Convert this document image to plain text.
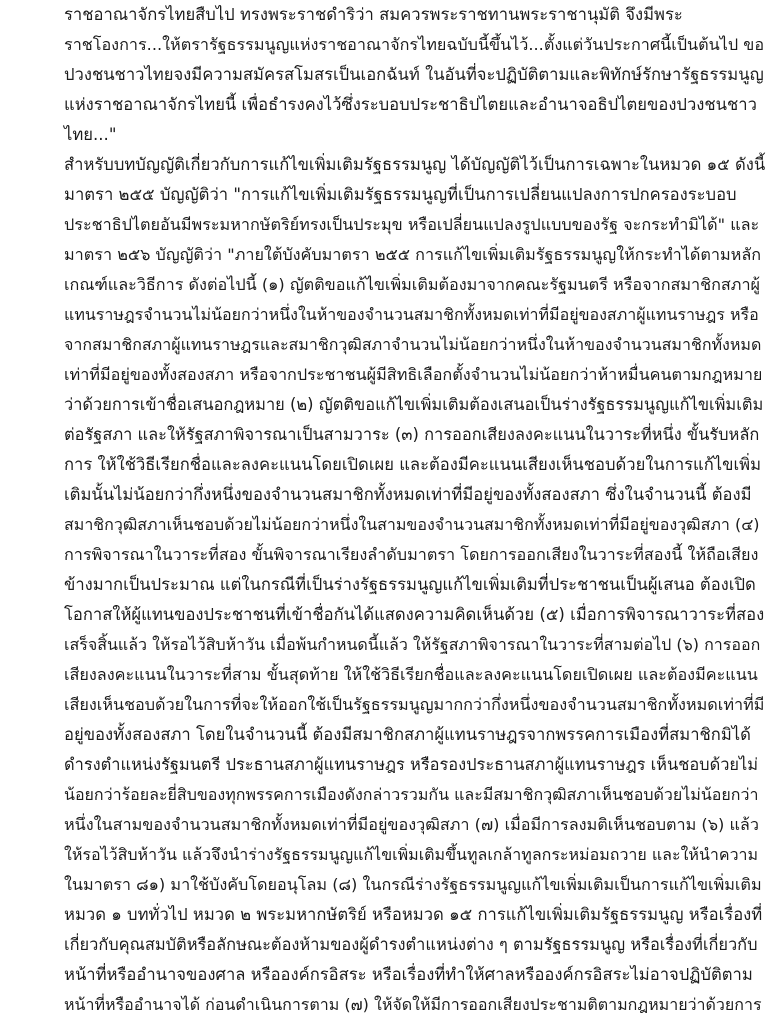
ราชอาณาจักรไทยสืบไป ทรงพระราชดำริว่า สมควรพระราชทานพระราชานุมัติ จึงมีพระ
ราชโองการ...ให้ตรารัฐธรรมนูญแห่งราชอาณาจักรไทยฉบับนี้ขึ้นไว้...ตั้งแต่วันประกาศนี้เป็นต้นไป ขอ
ปวงชนชาวไทยจงมีความสมัครสโมสรเป็นเอกฉันท์ ในอันที่จะปฏิบัติตามและพิทักษ์รักษารัฐธรรมนูญ
แห่งราชอาณาจักรไทยนี้ เพื่อธำรงคงไว้ซึ่งระบอบประชาธิปไตยและอำนาจอธิปไตยของปวงชนชาว
ไทย..."
สำหรับบทบัญญัติเกี่ยวกับการแก้ไขเพิ่มเติมรัฐธรรมนูญ ได้บัญญัติไว้เป็นการเฉพาะในหมวด ๑๕ ดังนี้
มาตรา ๒๕๕ บัญญัติว่า "การแก้ไขเพิ่มเติมรัฐธรรมนูญที่เป็นการเปลี่ยนแปลงการปกครองระบอบ
ประชาธิปไตยอันมีพระมหากษัตริย์ทรงเป็นประมุข หรือเปลี่ยนแปลงรูปแบบของรัฐ จะกระทำมิได้" และ
มาตรา ๒๕๖ บัญญัติว่า "ภายใต้บังคับมาตรา ๒๕๕ การแก้ไขเพิ่มเติมรัฐธรรมนูญให้กระทำได้ตามหลัก
เกณฑ์และวิธีการ ดังต่อไปนี้ (๑) ญัตติขอแก้ไขเพิ่มเติมต้องมาจากคณะรัฐมนตรี หรือจากสมาชิกสภาผู้
แทนราษฎรจำนวนไม่น้อยกว่าหนึ่งในห้าของจำนวนสมาชิกทั้งหมดเท่าที่มีอยู่ของสภาผู้แทนราษฎร หรือ
จากสมาชิกสภาผู้แทนราษฎรและสมาชิกวุฒิสภาจำนวนไม่น้อยกว่าหนึ่งในห้าของจำนวนสมาชิกทั้งหมด
เท่าที่มีอยู่ของทั้งสองสภา หรือจากประชาชนผู้มีสิทธิเลือกตั้งจำนวนไม่น้อยกว่าห้าหมื่นคนตามกฎหมาย
ว่าด้วยการเข้าชื่อเสนอกฎหมาย (๒) ญัตติขอแก้ไขเพิ่มเติมต้องเสนอเป็นร่างรัฐธรรมนูญแก้ไขเพิ่มเติม
ต่อรัฐสภา และให้รัฐสภาพิจารณาเป็นสามวาระ (๓) การออกเสียงลงคะแนนในวาระที่หนึ่ง ขั้นรับหลัก
การ ให้ใช้วิธีเรียกชื่อและลงคะแนนโดยเปิดเผย และต้องมีคะแนนเสียงเห็นชอบด้วยในการแก้ไขเพิ่ม
เติมนั้นไม่น้อยกว่ากึ่งหนึ่งของจำนวนสมาชิกทั้งหมดเท่าที่มีอยู่ของทั้งสองสภา ซึ่งในจำนวนนี้ ต้องมี
สมาชิกวุฒิสภาเห็นชอบด้วยไม่น้อยกว่าหนึ่งในสามของจำนวนสมาชิกทั้งหมดเท่าที่มีอยู่ของวุฒิสภา (๔)
การพิจารณาในวาระที่สอง ขั้นพิจารณาเรียงลำดับมาตรา โดยการออกเสียงในวาระที่สองนี้ ให้ถือเสียง
ข้างมากเป็นประมาณ แต่ในกรณีที่เป็นร่างรัฐธรรมนูญแก้ไขเพิ่มเติมที่ประชาชนเป็นผู้เสนอ ต้องเปิด
โอกาสให้ผู้แทนของประชาชนที่เข้าชื่อกันได้แสดงความคิดเห็นด้วย (๕) เมื่อการพิจารณาวาระที่สอง
เสร็จสิ้นแล้ว ให้รอไว้สิบห้าวัน เมื่อพ้นกำหนดนี้แล้ว ให้รัฐสภาพิจารณาในวาระที่สามต่อไป (๖) การออก
เสียงลงคะแนนในวาระที่สาม ขั้นสุดท้าย ให้ใช้วิธีเรียกชื่อและลงคะแนนโดยเปิดเผย และต้องมีคะแนน
เสียงเห็นชอบด้วยในการที่จะให้ออกใช้เป็นรัฐธรรมนูญมากกว่ากึ่งหนึ่งของจำนวนสมาชิกทั้งหมดเท่าที่มี
อยู่ของทั้งสองสภา โดยในจำนวนนี้ ต้องมีสมาชิกสภาผู้แทนราษฎรจากพรรคการเมืองที่สมาชิกมิได้
ดำรงตำแหน่งรัฐมนตรี ประธานสภาผู้แทนราษฎร หรือรองประธานสภาผู้แทนราษฎร เห็นชอบด้วยไม่
น้อยกว่าร้อยละยี่สิบของทุกพรรคการเมืองดังกล่าวรวมกัน และมีสมาชิกวุฒิสภาเห็นชอบด้วยไม่น้อยกว่า
หนึ่งในสามของจำนวนสมาชิกทั้งหมดเท่าที่มีอยู่ของวุฒิสภา (๗) เมื่อมีการลงมติเห็นชอบตาม (๖) แล้ว
ให้รอไว้สิบห้าวัน แล้วจึงนำร่างรัฐธรรมนูญแก้ไขเพิ่มเติมขึ้นทูลเกล้าทูลกระหม่อมถวาย และให้นำความ
ในมาตรา ๘๑) มาใช้บังคับโดยอนุโลม (๘) ในกรณีร่างรัฐธรรมนูญแก้ไขเพิ่มเติมเป็นการแก้ไขเพิ่มเติม
หมวด ๑ บททั่วไป หมวด ๒ พระมหากษัตริย์ หรือหมวด ๑๕ การแก้ไขเพิ่มเติมรัฐธรรมนูญ หรือเรื่องที่
เกี่ยวกับคุณสมบัติหรือลักษณะต้องห้ามของผู้ดำรงตำแหน่งต่าง ๆ ตามรัฐธรรมนูญ หรือเรื่องที่เกี่ยวกับ
หน้าที่หรืออำนาจของศาล หรือองค์กรอิสระ หรือเรื่องที่ทำให้ศาลหรือองค์กรอิสระไม่อาจปฏิบัติตาม
หน้าที่หรืออำนาจได้ ก่อนดำเนินการตาม (๗) ให้จัดให้มีการออกเสียงประชามติตามกฎหมายว่าด้วยการ
